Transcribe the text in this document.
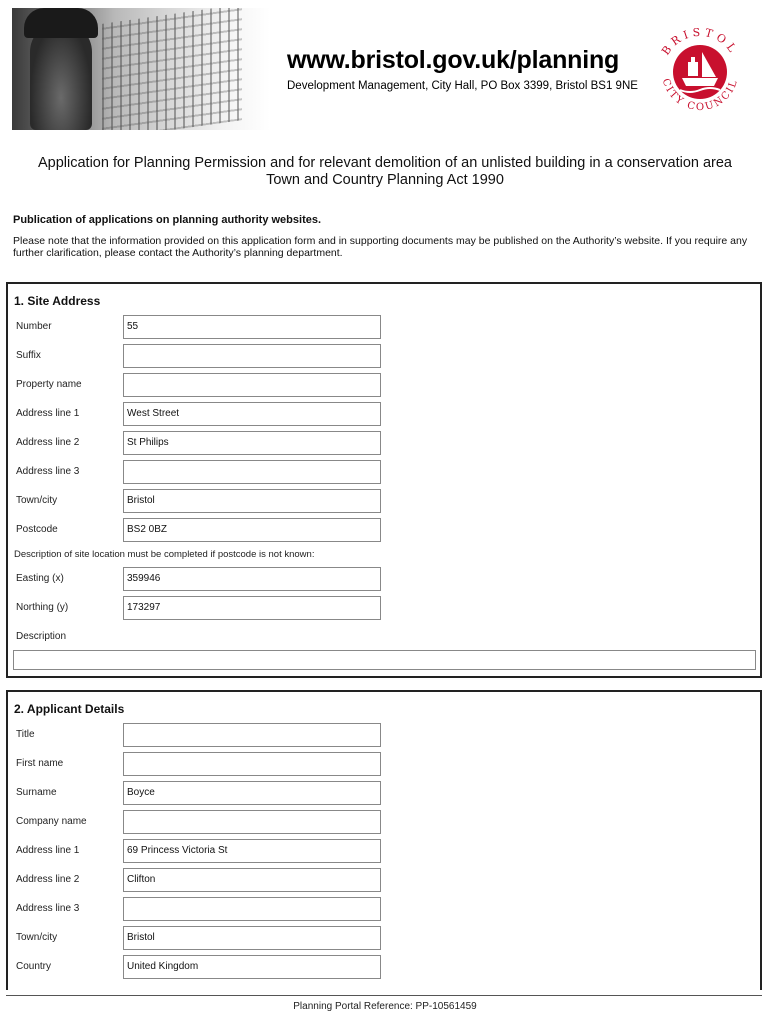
www.bristol.gov.uk/planning
Development Management, City Hall, PO Box 3399, Bristol BS1 9NE
BRISTOL
CITY COUNCIL
Application for Planning Permission and for relevant demolition of an unlisted building in a conservation area
Town and Country Planning Act 1990
Publication of applications on planning authority websites.
Please note that the information provided on this application form and in supporting documents may be published on the Authority’s website. If you require any further clarification, please contact the Authority’s planning department.
1. Site Address
Number	55
Suffix
Property name
Address line 1	West Street
Address line 2	St Philips
Address line 3
Town/city	Bristol
Postcode	BS2 0BZ
Description of site location must be completed if postcode is not known:
Easting (x)	359946
Northing (y)	173297
Description
2. Applicant Details
Title
First name
Surname	Boyce
Company name
Address line 1	69 Princess Victoria St
Address line 2	Clifton
Address line 3
Town/city	Bristol
Country	United Kingdom
Planning Portal Reference: PP-10561459
